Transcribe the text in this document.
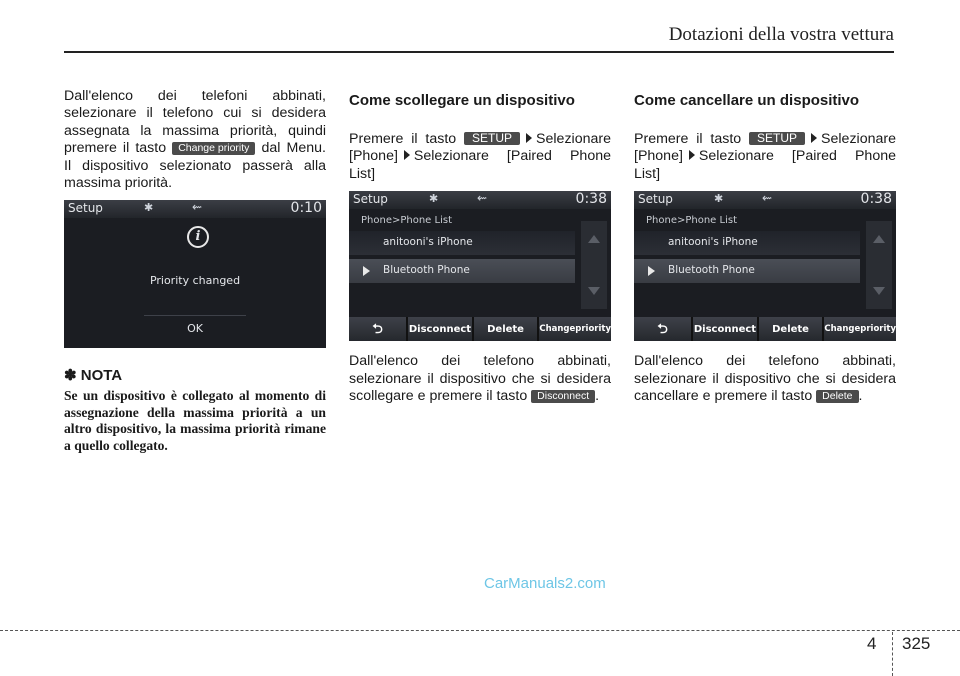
Dotazioni della vostra vettura

Dall'elenco dei telefoni abbinati, selezionare il telefono cui si desidera assegnata la massima priorità, quindi premere il tasto Change priority dal Menu. Il dispositivo selezionato passerà alla massima priorità.

Setup	✱	⇜	0:10
i
Priority changed
OK
✽ NOTA

Se un dispositivo è collegato al momento di assegnazione della massima priorità a un altro dispositivo, la massima priorità rimane a quello collegato.

Come scollegare un dispositivo

Premere il tasto SETUP Selezionare
[Phone] Selezionare [Paired Phone List]

Setup	✱	⇜	0:38
Phone>Phone List
anitooni's iPhone
Bluetooth Phone
⮌	Disconnect	Delete	Change priority

Dall'elenco dei telefono abbinati, selezionare il dispositivo che si desidera scollegare e premere il tasto Disconnect .

Come cancellare un dispositivo

Premere il tasto SETUP Selezionare
[Phone] Selezionare [Paired Phone List]

Setup	✱	⇜	0:38
Phone>Phone List
anitooni's iPhone
Bluetooth Phone
⮌	Disconnect	Delete	Change priority

Dall'elenco dei telefono abbinati, selezionare il dispositivo che si desidera cancellare e premere il tasto Delete .

CarManuals2.com
4 325
